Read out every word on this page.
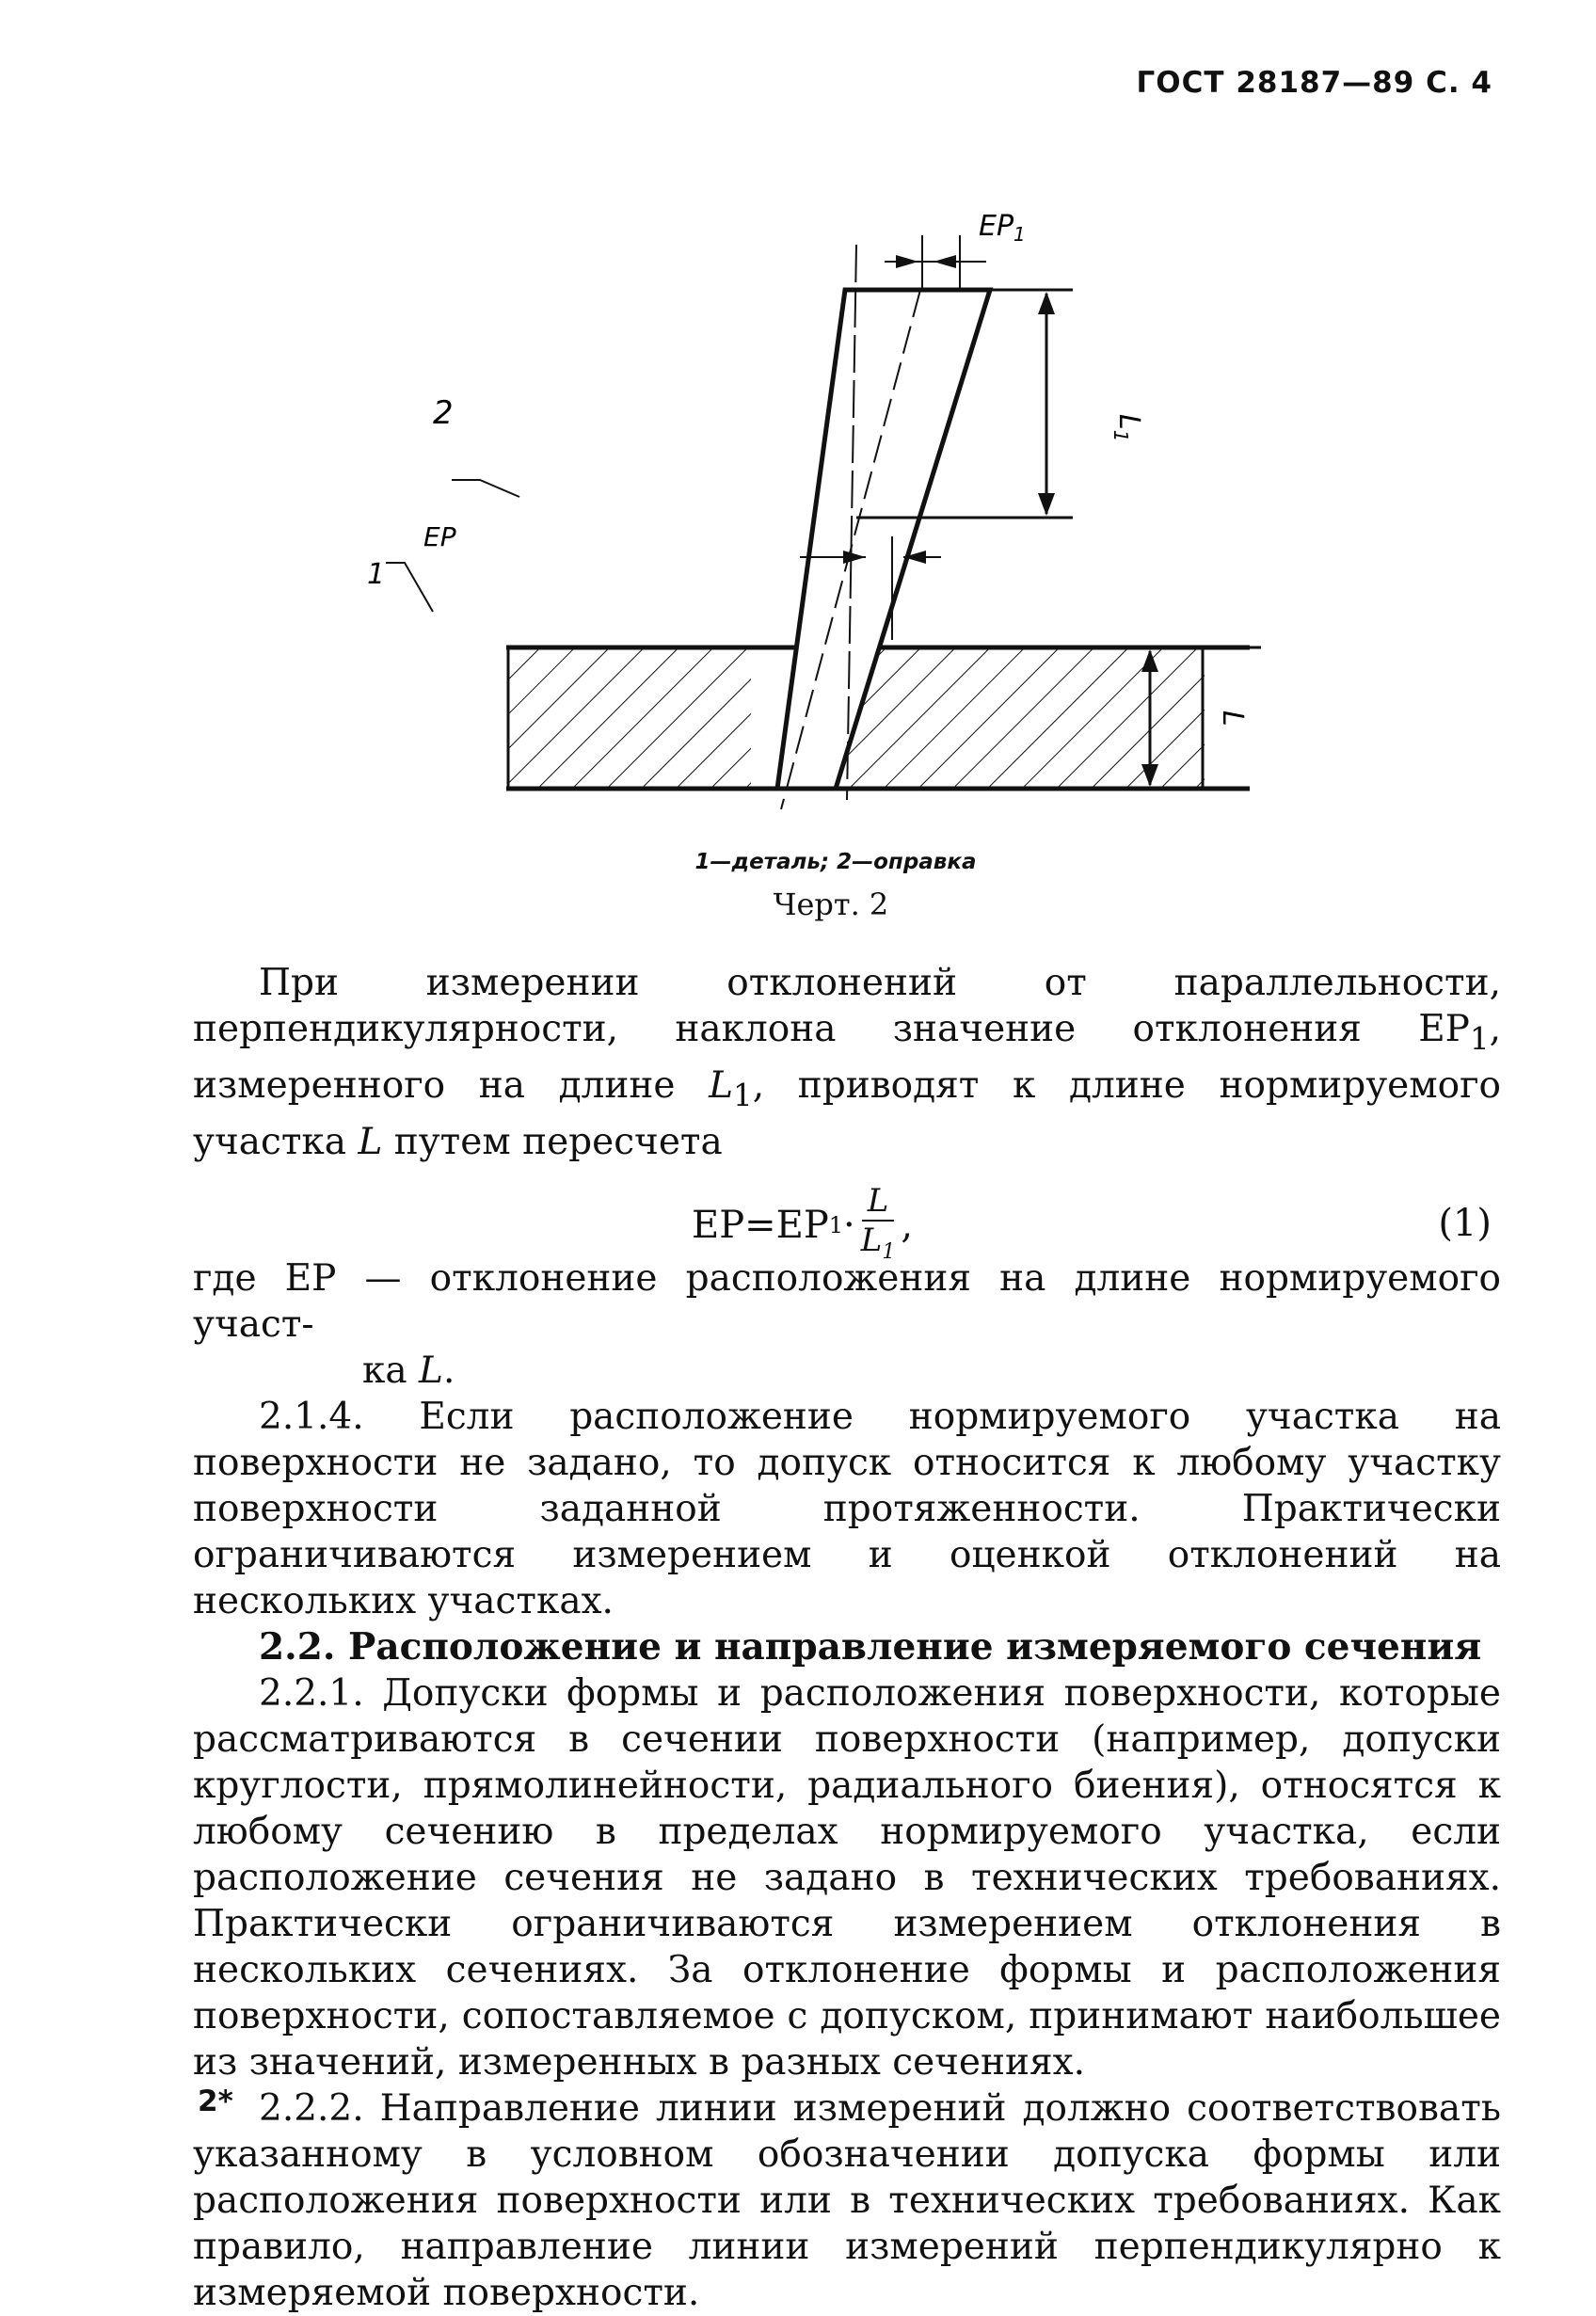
ГОСТ 28187—89 С. 4
$EP_1$
EP
$L_1$
L
1
2
1—деталь; 2—оправка
Черт. 2

При измерении отклонений от параллельности, перпендикулярности, наклона значение отклонения $EP_1$, измеренного на длине $L_1$, приводят к длине нормируемого участка L путем пересчета

EP=EP $1 \cdot \frac{L}{L_1}$ ,	(1)

где EP — отклонение расположения на длине нормируемого участ-
ка L.

2.1.4. Если расположение нормируемого участка на поверхности не задано, то допуск относится к любому участку поверхности заданной протяженности. Практически ограничиваются измерением и оценкой отклонений на нескольких участках.

2.2. Расположение и направление измеряемого сечения

2.2.1. Допуски формы и расположения поверхности, которые рассматриваются в сечении поверхности (например, допуски круглости, прямолинейности, радиального биения), относятся к любому сечению в пределах нормируемого участка, если расположение сечения не задано в технических требованиях. Практически ограничиваются измерением отклонения в нескольких сечениях. За отклонение формы и расположения поверхности, сопоставляемое с допуском, принимают наибольшее из значений, измеренных в разных сечениях.

2.2.2. Направление линии измерений должно соответствовать указанному в условном обозначении допуска формы или расположения поверхности или в технических требованиях. Как правило, направление линии измерений перпендикулярно к измеряемой поверхности.

2*
